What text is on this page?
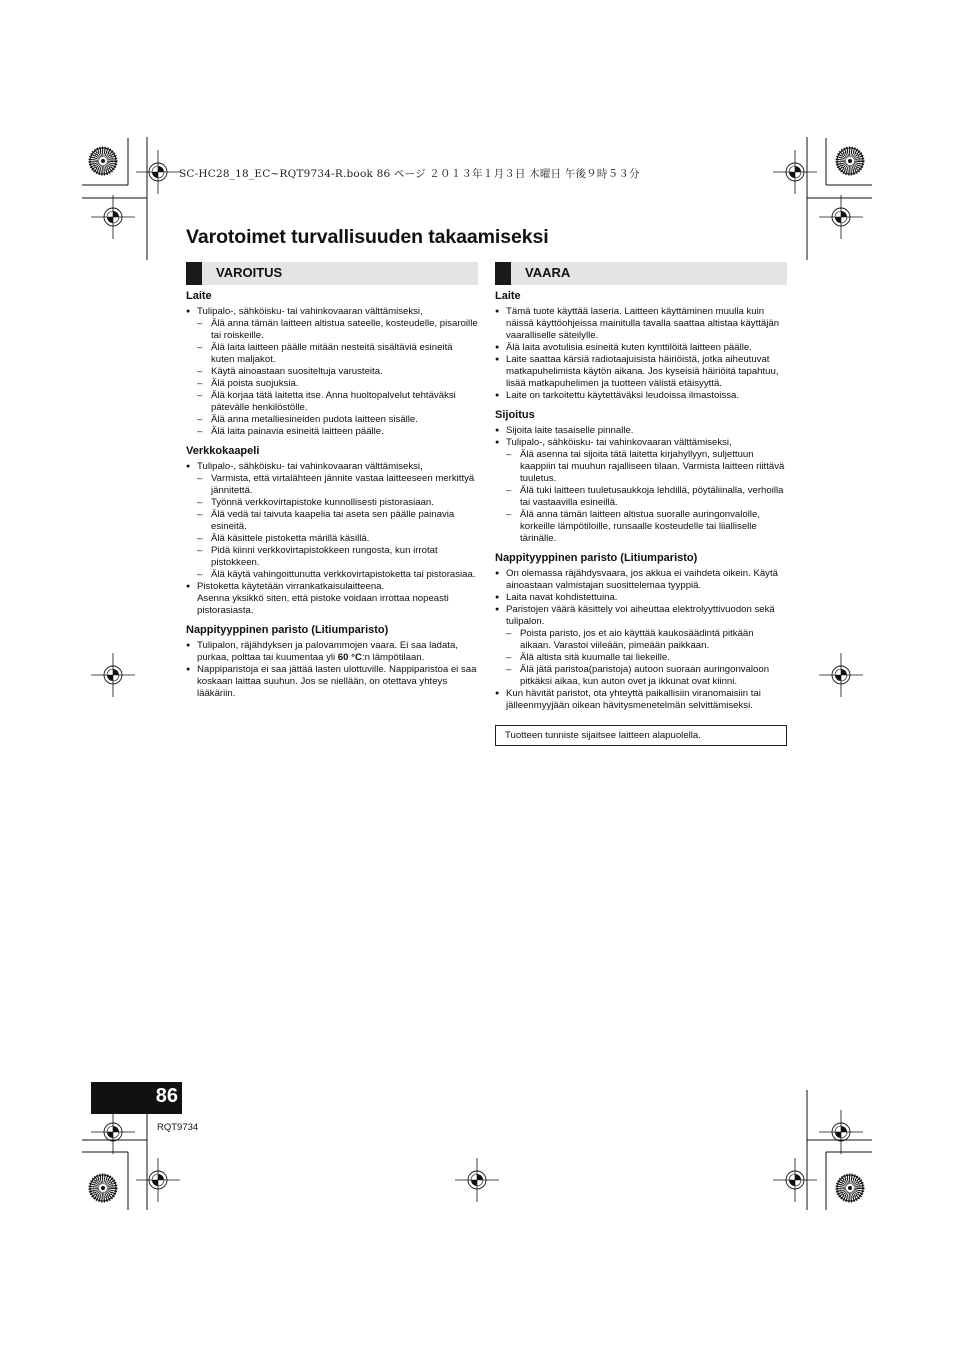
SC-HC28_18_EC~RQT9734-R.book 86 ページ ２０１３年１月３日 木曜日 午後９時５３分
Varotoimet turvallisuuden takaamiseksi
VAROITUS
Laite
● Tulipalo-, sähköisku- tai vahinkovaaran välttämiseksi,
– Älä anna tämän laitteen altistua sateelle, kosteudelle, pisaroille tai roiskeille.
– Älä laita laitteen päälle mitään nesteitä sisältäviä esineitä kuten maljakot.
– Käytä ainoastaan suositeltuja varusteita.
– Älä poista suojuksia.
– Älä korjaa tätä laitetta itse. Anna huoltopalvelut tehtäväksi pätevälle henkilöstölle.
– Älä anna metalliesineiden pudota laitteen sisälle.
– Älä laita painavia esineitä laitteen päälle.
Verkkokaapeli
● Tulipalo-, sähköisku- tai vahinkovaaran välttämiseksi,
– Varmista, että virtalähteen jännite vastaa laitteeseen merkittyä jännitettä.
– Työnnä verkkovirtapistoke kunnollisesti pistorasiaan.
– Älä vedä tai taivuta kaapelia tai aseta sen päälle painavia esineitä.
– Älä käsittele pistoketta märillä käsillä.
– Pidä kiinni verkkovirtapistokkeen rungosta, kun irrotat pistokkeen.
– Älä käytä vahingoittunutta verkkovirtapistoketta tai pistorasiaa.
● Pistoketta käytetään virrankatkaisulaitteena.
Asenna yksikkö siten, että pistoke voidaan irrottaa nopeasti pistorasiasta.
Nappityyppinen paristo (Litiumparisto)
● Tulipalon, räjähdyksen ja palovammojen vaara. Ei saa ladata, purkaa, polttaa tai kuumentaa yli 60 °C:n lämpötilaan.
● Nappiparistoja ei saa jättää lasten ulottuville. Nappiparistoa ei saa koskaan laittaa suuhun. Jos se niellään, on otettava yhteys lääkäriin.
VAARA
Laite
● Tämä tuote käyttää laseria. Laitteen käyttäminen muulla kuin näissä käyttöohjeissa mainitulla tavalla saattaa altistaa käyttäjän vaaralliselle säteilylle.
● Älä laita avotulisia esineitä kuten kynttilöitä laitteen päälle.
● Laite saattaa kärsiä radiotaajuisista häiriöistä, jotka aiheutuvat matkapuhelimista käytön aikana. Jos kyseisiä häiriöitä tapahtuu, lisää matkapuhelimen ja tuotteen välistä etäisyyttä.
● Laite on tarkoitettu käytettäväksi leudoissa ilmastoissa.
Sijoitus
● Sijoita laite tasaiselle pinnalle.
● Tulipalo-, sähköisku- tai vahinkovaaran välttämiseksi,
– Älä asenna tai sijoita tätä laitetta kirjahyllyyn, suljettuun kaappiin tai muuhun rajalliseen tilaan. Varmista laitteen riittävä tuuletus.
– Älä tuki laitteen tuuletusaukkoja lehdillä, pöytäliinalla, verhoilla tai vastaavilla esineillä.
– Älä anna tämän laitteen altistua suoralle auringonvalolle, korkeille lämpötiloille, runsaalle kosteudelle tai liialliselle tärinälle.
Nappityyppinen paristo (Litiumparisto)
● On olemassa räjähdysvaara, jos akkua ei vaihdeta oikein. Käytä ainoastaan valmistajan suosittelemaa tyyppiä.
● Laita navat kohdistettuina.
● Paristojen väärä käsittely voi aiheuttaa elektrolyyttivuodon sekä tulipalon.
– Poista paristo, jos et aio käyttää kaukosäädintä pitkään aikaan. Varastoi viileään, pimeään paikkaan.
– Älä altista sitä kuumalle tai liekeille.
– Älä jätä paristoa(paristoja) autoon suoraan auringonvaloon pitkäksi aikaa, kun auton ovet ja ikkunat ovat kiinni.
● Kun hävität paristot, ota yhteyttä paikallisiin viranomaisiin tai jälleenmyyjään oikean hävitysmenetelmän selvittämiseksi.
Tuotteen tunniste sijaitsee laitteen alapuolella.
86
RQT9734
